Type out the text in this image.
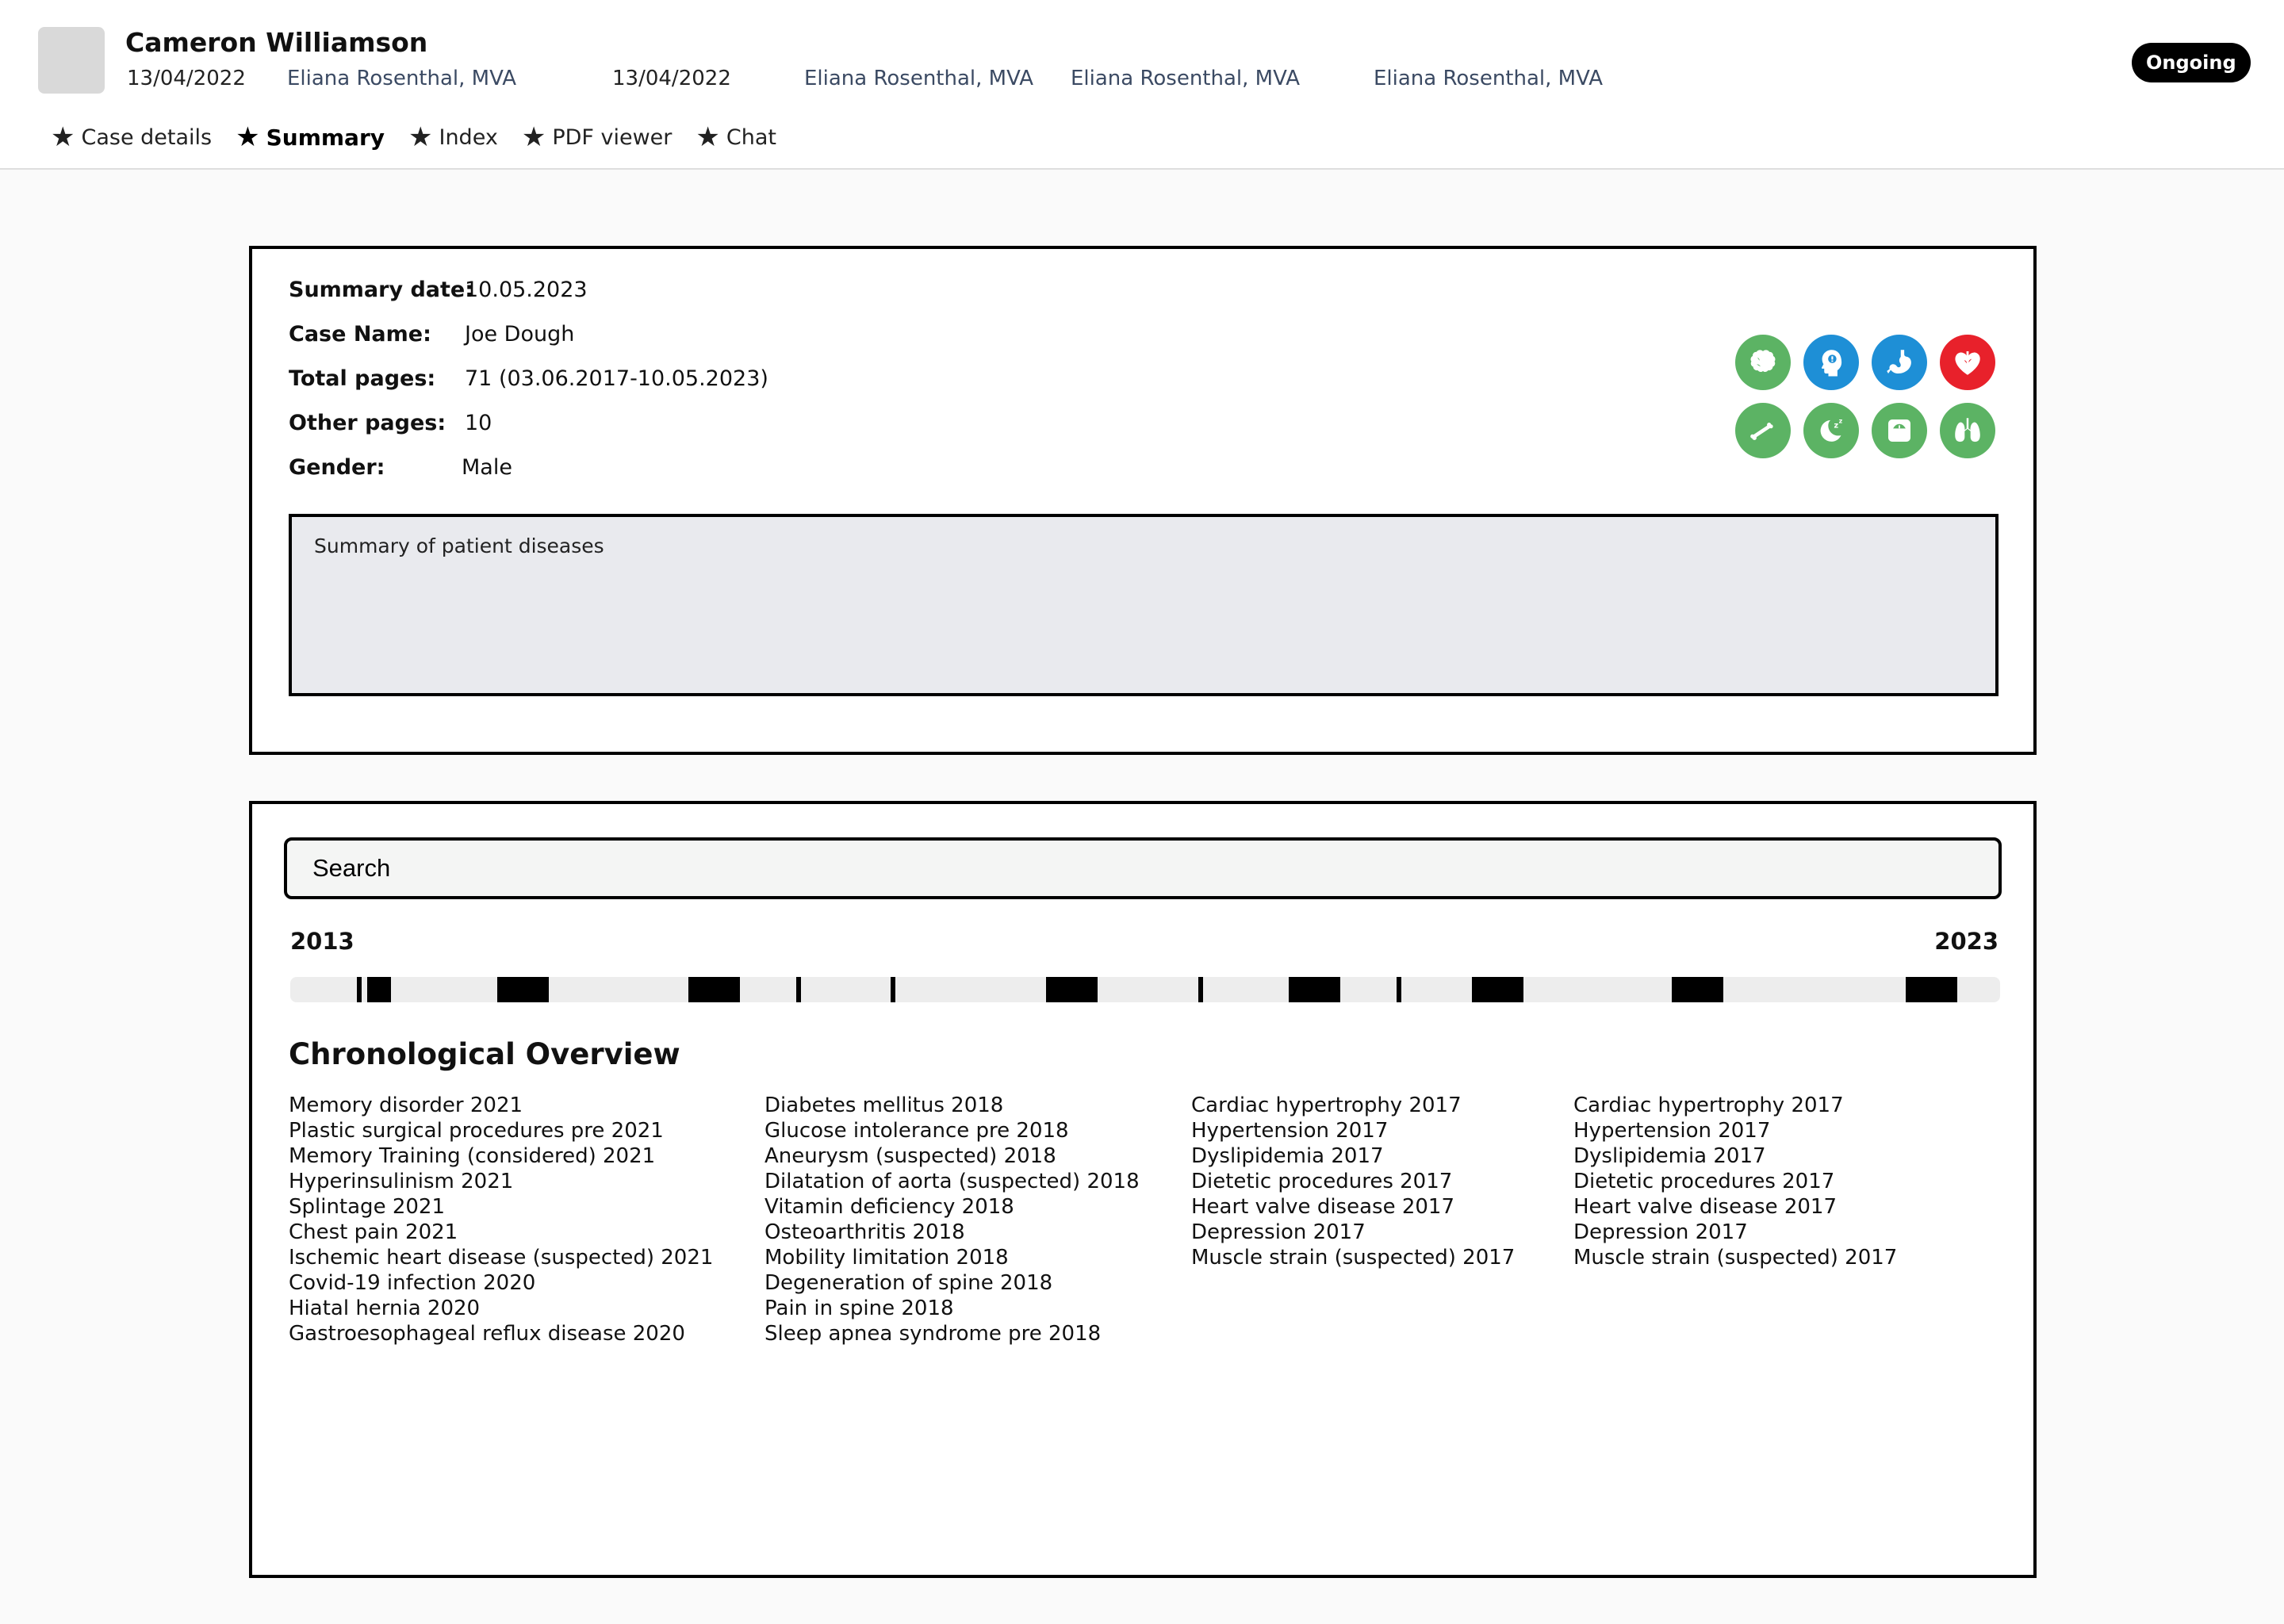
Cameron Williamson
13/04/2022 Eliana Rosenthal, MVA	13/04/2022	Eliana Rosenthal, MVA Eliana Rosenthal, MVA	Eliana Rosenthal, MVA
Ongoing
★ Case details ★ Summary ★ Index ★ PDF viewer ★ Chat
Summary date:
10.05.2023
Case Name: Joe Dough
Total pages: 71 (03.06.2017-10.05.2023)
Other pages: 10
Gender:	Male
z
z
Summary of patient diseases
Search
2013	2023
Chronological Overview
Memory disorder 2021
Plastic surgical procedures pre 2021
Memory Training (considered) 2021
Hyperinsulinism 2021
Splintage 2021
Chest pain 2021
Ischemic heart disease (suspected) 2021
Covid-19 infection 2020
Hiatal hernia 2020
Gastroesophageal reflux disease 2020
Diabetes mellitus 2018
Glucose intolerance pre 2018
Aneurysm (suspected) 2018
Dilatation of aorta (suspected) 2018
Vitamin deficiency 2018
Osteoarthritis 2018
Mobility limitation 2018
Degeneration of spine 2018
Pain in spine 2018
Sleep apnea syndrome pre 2018
Cardiac hypertrophy 2017
Hypertension 2017
Dyslipidemia 2017
Dietetic procedures 2017
Heart valve disease 2017
Depression 2017
Muscle strain (suspected) 2017
Cardiac hypertrophy 2017
Hypertension 2017
Dyslipidemia 2017
Dietetic procedures 2017
Heart valve disease 2017
Depression 2017
Muscle strain (suspected) 2017
